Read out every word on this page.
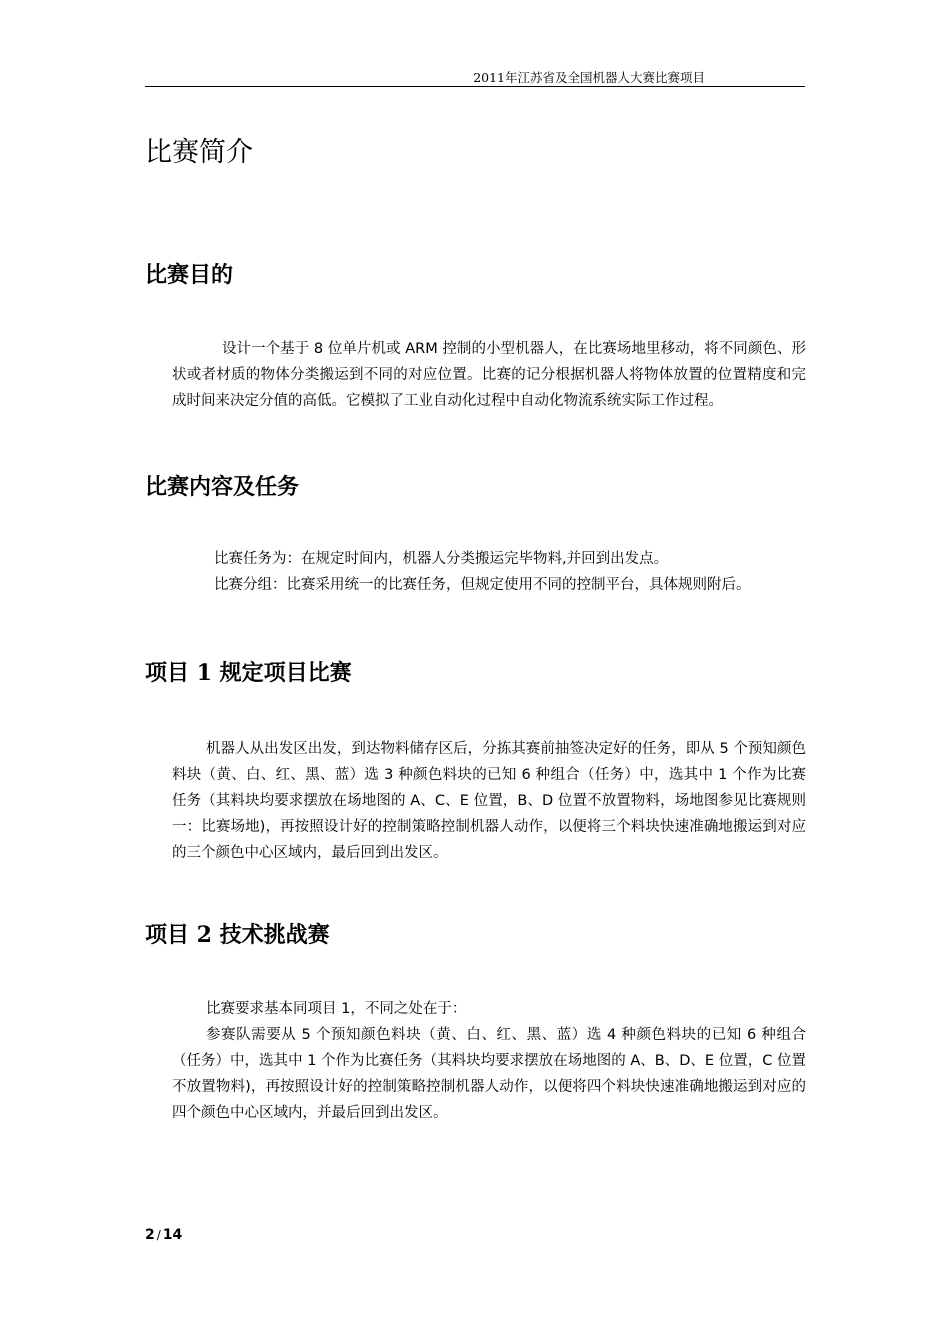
2011年江苏省及全国机器人大赛比赛项目
比赛简介
比赛目的

设计一个基于 8 位单片机或 ARM 控制的小型机器人，在比赛场地里移动，将不同颜色、形状或者材质的物体分类搬运到不同的对应位置。比赛的记分根据机器人将物体放置的位置精度和完成时间来决定分值的高低。它模拟了工业自动化过程中自动化物流系统实际工作过程。

比赛内容及任务

比赛任务为：在规定时间内，机器人分类搬运完毕物料,并回到出发点。

比赛分组：比赛采用统一的比赛任务，但规定使用不同的控制平台，具体规则附后。

项目 1 规定项目比赛

机器人从出发区出发，到达物料储存区后，分拣其赛前抽签决定好的任务，即从 5 个预知颜色料块（黄、白、红、黑、蓝）选 3 种颜色料块的已知 6 种组合（任务）中，选其中 1 个作为比赛任务（其料块均要求摆放在场地图的 A、C、E 位置，B、D 位置不放置物料，场地图参见比赛规则一：比赛场地)，再按照设计好的控制策略控制机器人动作，以便将三个料块快速准确地搬运到对应的三个颜色中心区域内，最后回到出发区。

项目 2 技术挑战赛

比赛要求基本同项目 1，不同之处在于：

参赛队需要从 5 个预知颜色料块（黄、白、红、黑、蓝）选 4 种颜色料块的已知 6 种组合（任务）中，选其中 1 个作为比赛任务（其料块均要求摆放在场地图的 A、B、D、E 位置，C 位置不放置物料)，再按照设计好的控制策略控制机器人动作，以便将四个料块快速准确地搬运到对应的四个颜色中心区域内，并最后回到出发区。

2 / 14
